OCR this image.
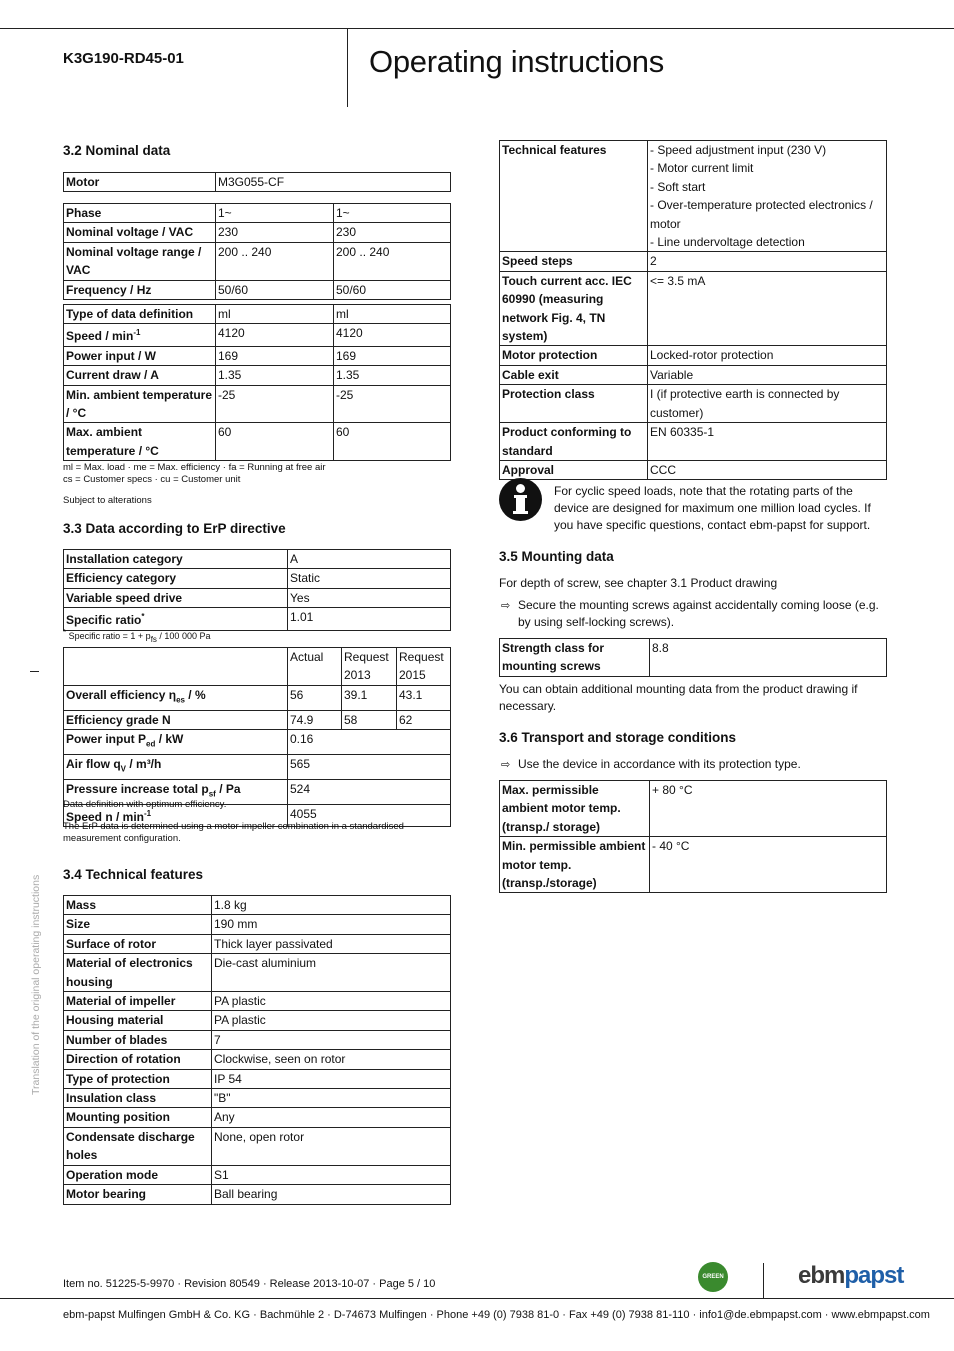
K3G190-RD45-01	Operating instructions
3.2 Nominal data
Motor	M3G055-CF
Phase	1~	1~
Nominal voltage / VAC	230	230
Nominal voltage range / VAC	200 .. 240	200 .. 240
Frequency / Hz	50/60	50/60
Type of data definition	ml	ml
Speed / $\min^{-1}$	4120	4120
Power input / W	169	169
Current draw / A	1.35	1.35
Min. ambient temperature / °C	-25	-25
Max. ambient temperature / °C	60	60
ml = Max. load · me = Max. efficiency · fa = Running at free air
cs = Customer specs · cu = Customer unit
Subject to alterations
3.3 Data according to ErP directive
Installation category	A
Efficiency category	Static
Variable speed drive	Yes
Specific ratio*	1.01
* Specific ratio = $1 + p_{fs} / 100$ 000 Pa
	Actual	Request 2013	Request 2015
Overall efficiency $\eta_{es}$ / %	56	39.1	43.1
Efficiency grade N	74.9	58	62
Power input $P_{ed}$ / kW	0.16		
Air flow $q_V / m^3/h$	565		
Pressure increase total $p_{sf}$ / Pa	524		
Speed n / $\min^{-1}$	4055		
Data definition with optimum efficiency.
The ErP data is determined using a motor-impeller combination in a standardised measurement configuration.
3.4 Technical features
Mass	1.8 kg
Size	190 mm
Surface of rotor	Thick layer passivated
Material of electronics housing	Die-cast aluminium
Material of impeller	PA plastic
Housing material	PA plastic
Number of blades	7
Direction of rotation	Clockwise, seen on rotor
Type of protection	IP 54
Insulation class	"B"
Mounting position	Any
Condensate discharge holes	None, open rotor
Operation mode	S1
Motor bearing	Ball bearing
Technical features	- Speed adjustment input (230 V)
- Motor current limit
- Soft start
- Over-temperature protected electronics / motor
- Line undervoltage detection
Speed steps	2
Touch current acc. IEC 60990 (measuring network Fig. 4, TN system)	<= 3.5 mA
Motor protection	Locked-rotor protection
Cable exit	Variable
Protection class	I (if protective earth is connected by customer)
Product conforming to standard	EN 60335-1
Approval	CCC
For cyclic speed loads, note that the rotating parts of the device are designed for maximum one million load cycles. If you have specific questions, contact ebm-papst for support.
3.5 Mounting data
For depth of screw, see chapter 3.1 Product drawing
⇨ Secure the mounting screws against accidentally coming loose (e.g. by using self-locking screws).
Strength class for mounting screws	8.8
You can obtain additional mounting data from the product drawing if necessary.
3.6 Transport and storage conditions
⇨ Use the device in accordance with its protection type.
Max. permissible ambient motor temp. (transp./ storage)	+ 80 °C
Min. permissible ambient motor temp. (transp./storage)	- 40 °C
Translation of the original operating instructions
Item no. 51225-5-9970 · Revision 80549 · Release 2013-10-07 · Page 5 / 10
GREEN TECH
ebmpapst
ebm-papst Mulfingen GmbH & Co. KG · Bachmühle 2 · D-74673 Mulfingen · Phone +49 (0) 7938 81-0 · Fax +49 (0) 7938 81-110 · info1@de.ebmpapst.com · www.ebmpapst.com
